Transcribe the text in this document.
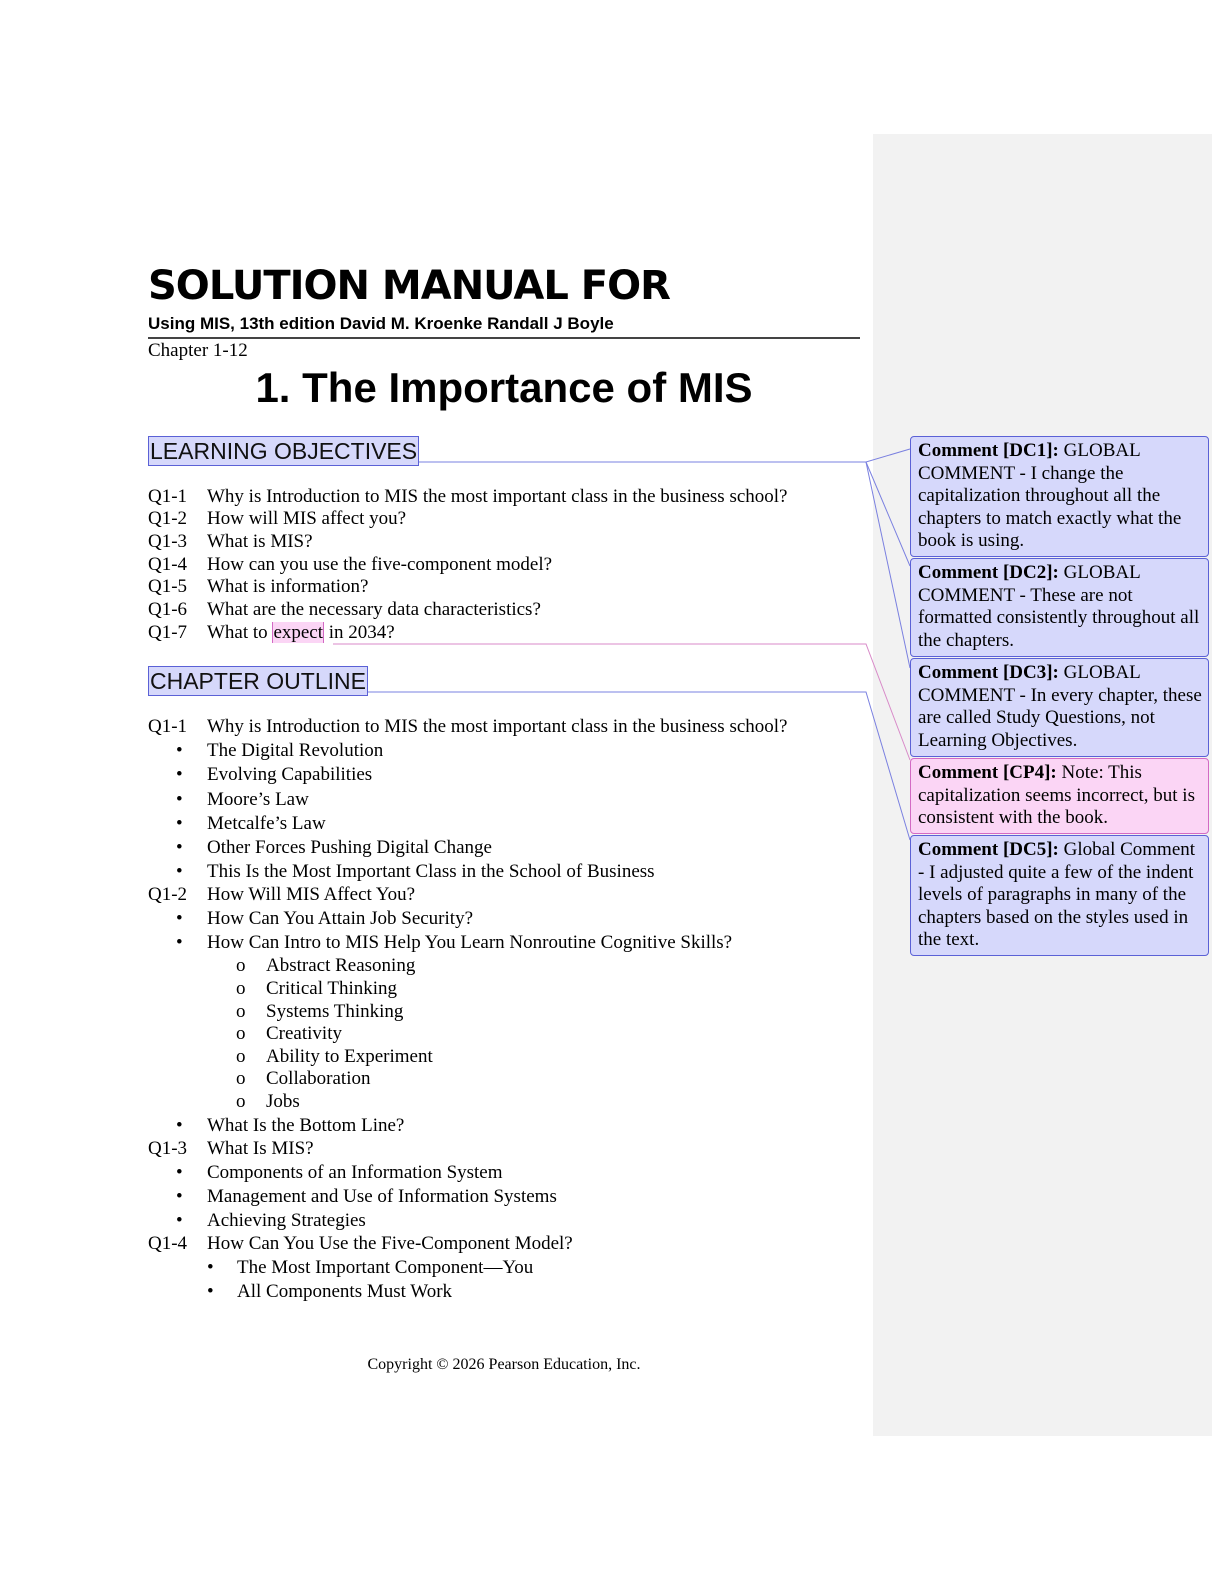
SOLUTION MANUAL FOR
Using MIS, 13th edition David M. Kroenke Randall J Boyle
Chapter 1-12
1. The Importance of MIS
LEARNING OBJECTIVES
Q1-1 Why is Introduction to MIS the most important class in the business school?
Q1-2 How will MIS affect you?
Q1-3 What is MIS?
Q1-4 How can you use the five-component model?
Q1-5 What is information?
Q1-6 What are the necessary data characteristics?
Q1-7 What to expect in 2034?
CHAPTER OUTLINE
Q1-1 Why is Introduction to MIS the most important class in the business school?
• The Digital Revolution
• Evolving Capabilities
• Moore’s Law
• Metcalfe’s Law
• Other Forces Pushing Digital Change
• This Is the Most Important Class in the School of Business
Q1-2 How Will MIS Affect You?
• How Can You Attain Job Security?
• How Can Intro to MIS Help You Learn Nonroutine Cognitive Skills?
o Abstract Reasoning
o Critical Thinking
o Systems Thinking
o Creativity
o Ability to Experiment
o Collaboration
o Jobs
• What Is the Bottom Line?
Q1-3 What Is MIS?
• Components of an Information System
• Management and Use of Information Systems
• Achieving Strategies
Q1-4 How Can You Use the Five-Component Model?
• The Most Important Component—You
• All Components Must Work
Copyright © 2026 Pearson Education, Inc.
Comment [DC1]: GLOBAL COMMENT - I change the capitalization throughout all the chapters to match exactly what the book is using.
Comment [DC2]: GLOBAL COMMENT - These are not formatted consistently throughout all the chapters.
Comment [DC3]: GLOBAL COMMENT - In every chapter, these are called Study Questions, not Learning Objectives.
Comment [CP4]: Note: This capitalization seems incorrect, but is consistent with the book.
Comment [DC5]: Global Comment - I adjusted quite a few of the indent levels of paragraphs in many of the chapters based on the styles used in the text.
